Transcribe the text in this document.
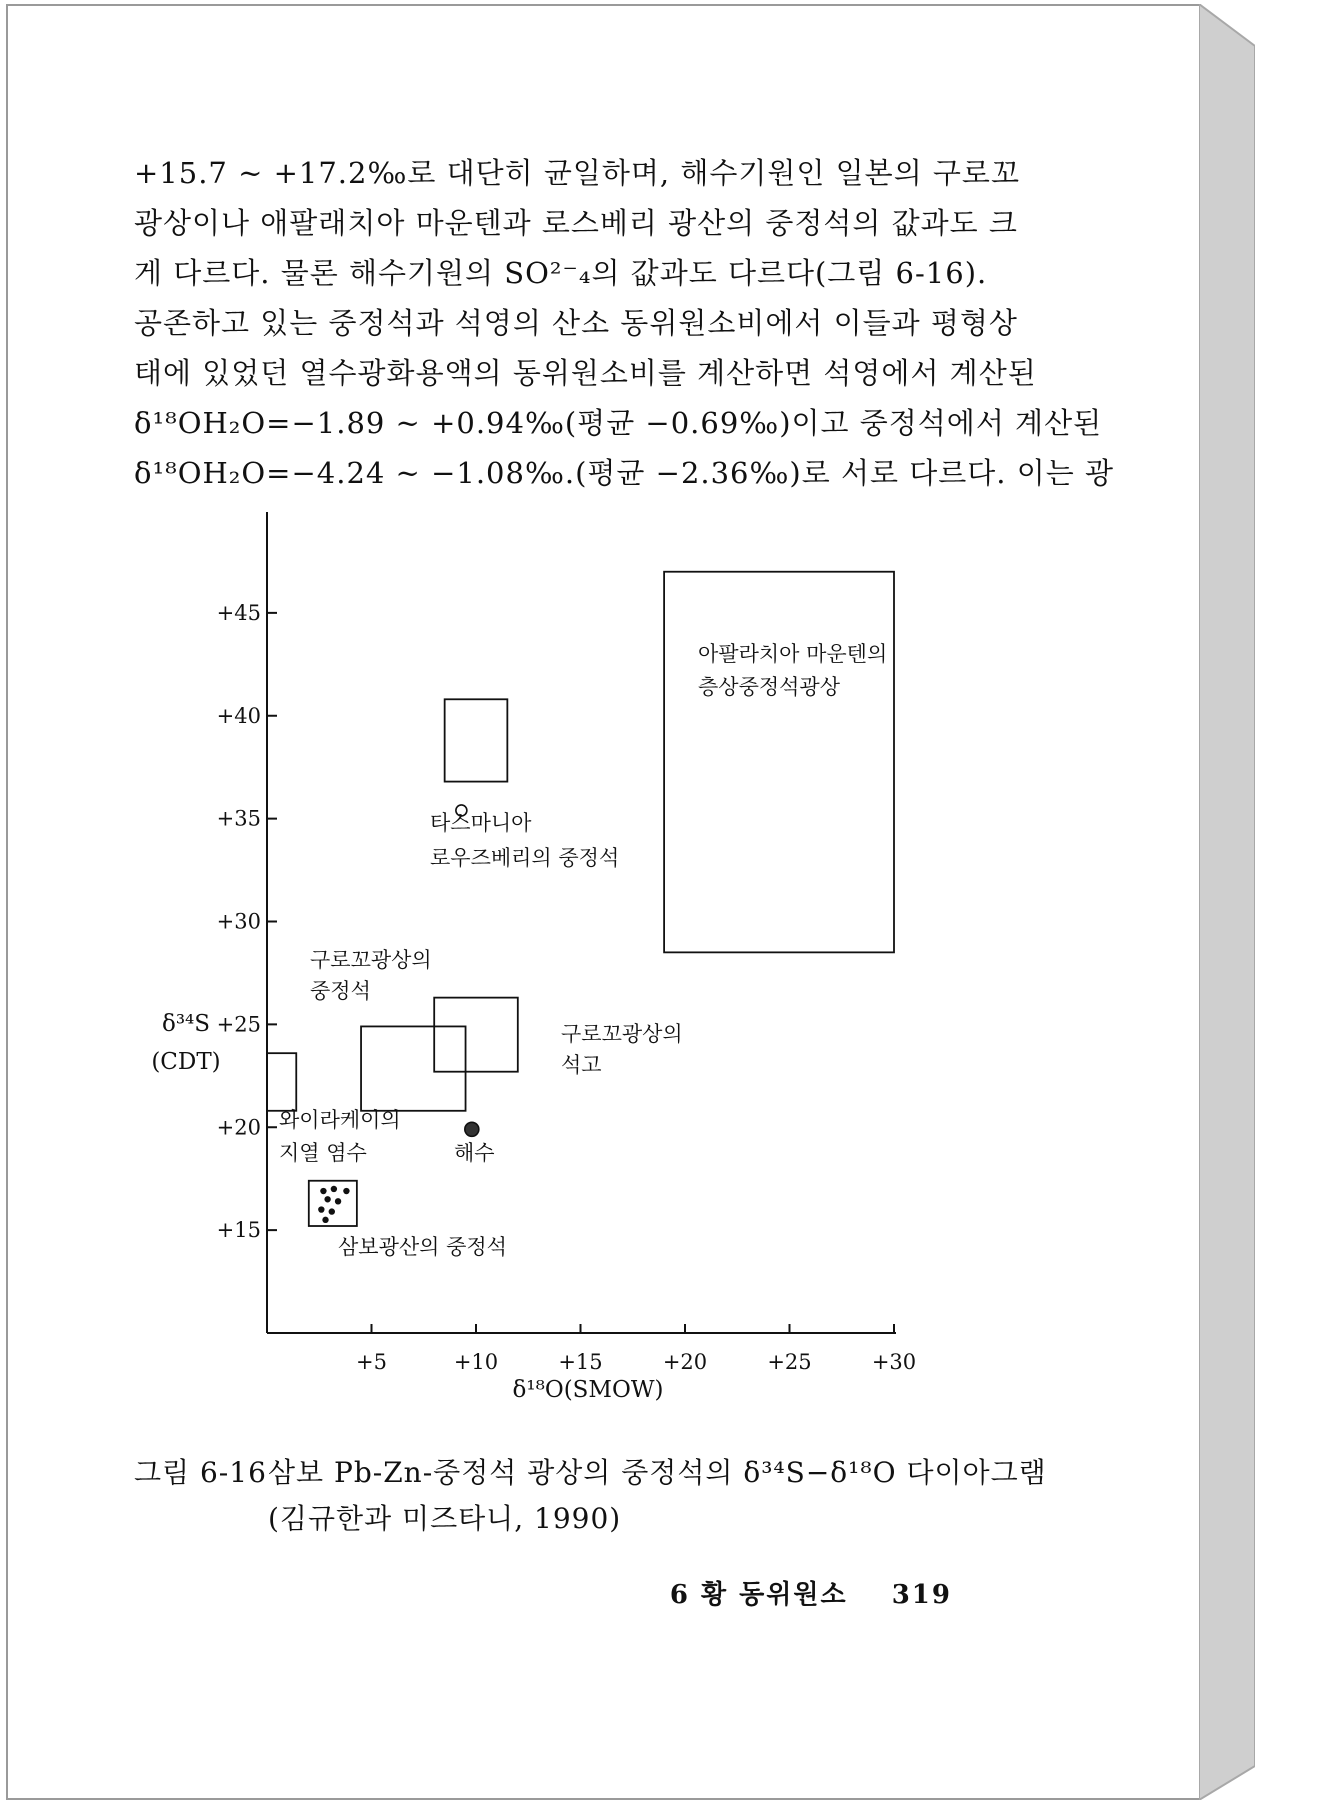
+15.7 ~ +17.2‰로 대단히 균일하며, 해수기원인 일본의 구로꼬
광상이나 애팔래치아 마운텐과 로스베리 광산의 중정석의 값과도 크
게 다르다. 물론 해수기원의 SO²⁻₄의 값과도 다르다(그림 6-16).
공존하고 있는 중정석과 석영의 산소 동위원소비에서 이들과 평형상
태에 있었던 열수광화용액의 동위원소비를 계산하면 석영에서 계산된
δ¹⁸OH₂O=−1.89 ~ +0.94‰(평균 −0.69‰)이고 중정석에서 계산된
δ¹⁸OH₂O=−4.24 ~ −1.08‰.(평균 −2.36‰)로 서로 다르다. 이는 광
+5	+10	+15	+20	+25	+30
+15
+20
+25
+30
+35
+40
+45
δ¹⁸O(SMOW)
δ³⁴S
(CDT)
아팔라치아 마운텐의
층상중정석광상
구로꼬광상의
중정석
구로꼬광상의
석고
와이라케이의
지열 염수
삼보광산의 중정석
타스마니아
로우즈베리의 중정석
해수
그림 6-16삼보 Pb-Zn-중정석 광상의 중정석의 δ³⁴S−δ¹⁸O 다이아그램
(김규한과 미즈타니, 1990)
6 황 동위원소 319
